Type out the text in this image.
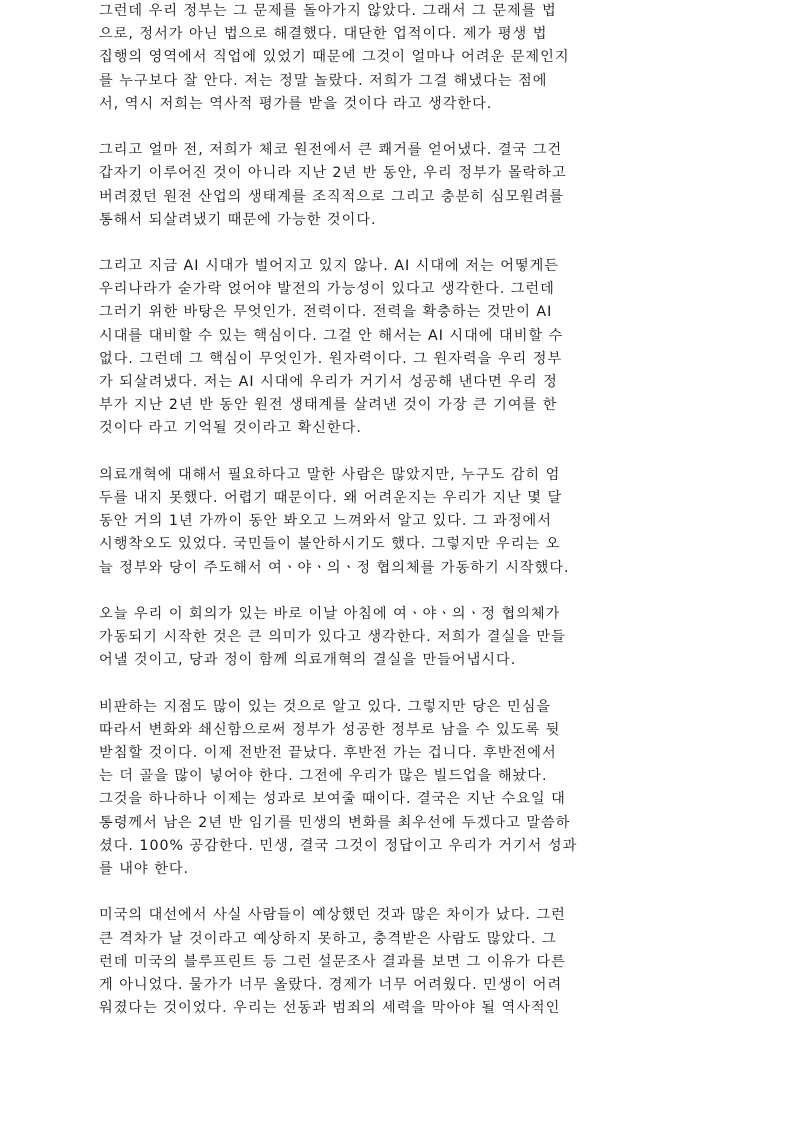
그런데 우리 정부는 그 문제를 돌아가지 않았다. 그래서 그 문제를 법
으로, 정서가 아닌 법으로 해결했다. 대단한 업적이다. 제가 평생 법
집행의 영역에서 직업에 있었기 때문에 그것이 얼마나 어려운 문제인지
를 누구보다 잘 안다. 저는 정말 놀랐다. 저희가 그걸 해냈다는 점에
서, 역시 저희는 역사적 평가를 받을 것이다 라고 생각한다.
그리고 얼마 전, 저희가 체코 원전에서 큰 쾌거를 얻어냈다. 결국 그건
갑자기 이루어진 것이 아니라 지난 2년 반 동안, 우리 정부가 몰락하고
버려졌던 원전 산업의 생태계를 조직적으로 그리고 충분히 심모원려를
통해서 되살려냈기 때문에 가능한 것이다.
그리고 지금 AI 시대가 벌어지고 있지 않나. AI 시대에 저는 어떻게든
우리나라가 숟가락 얹어야 발전의 가능성이 있다고 생각한다. 그런데
그러기 위한 바탕은 무엇인가. 전력이다. 전력을 확충하는 것만이 AI
시대를 대비할 수 있는 핵심이다. 그걸 안 해서는 AI 시대에 대비할 수
없다. 그런데 그 핵심이 무엇인가. 원자력이다. 그 원자력을 우리 정부
가 되살려냈다. 저는 AI 시대에 우리가 거기서 성공해 낸다면 우리 정
부가 지난 2년 반 동안 원전 생태계를 살려낸 것이 가장 큰 기여를 한
것이다 라고 기억될 것이라고 확신한다.
의료개혁에 대해서 필요하다고 말한 사람은 많았지만, 누구도 감히 엄
두를 내지 못했다. 어렵기 때문이다. 왜 어려운지는 우리가 지난 몇 달
동안 거의 1년 가까이 동안 봐오고 느껴와서 알고 있다. 그 과정에서
시행착오도 있었다. 국민들이 불안하시기도 했다. 그렇지만 우리는 오
늘 정부와 당이 주도해서 여ㆍ야ㆍ의ㆍ정 협의체를 가동하기 시작했다.
오늘 우리 이 회의가 있는 바로 이날 아침에 여ㆍ야ㆍ의ㆍ정 협의체가
가동되기 시작한 것은 큰 의미가 있다고 생각한다. 저희가 결실을 만들
어낼 것이고, 당과 정이 함께 의료개혁의 결실을 만들어냅시다.
비판하는 지점도 많이 있는 것으로 알고 있다. 그렇지만 당은 민심을
따라서 변화와 쇄신함으로써 정부가 성공한 정부로 남을 수 있도록 뒷
받침할 것이다. 이제 전반전 끝났다. 후반전 가는 겁니다. 후반전에서
는 더 골을 많이 넣어야 한다. 그전에 우리가 많은 빌드업을 해놨다.
그것을 하나하나 이제는 성과로 보여줄 때이다. 결국은 지난 수요일 대
통령께서 남은 2년 반 임기를 민생의 변화를 최우선에 두겠다고 말씀하
셨다. 100% 공감한다. 민생, 결국 그것이 정답이고 우리가 거기서 성과
를 내야 한다.
미국의 대선에서 사실 사람들이 예상했던 것과 많은 차이가 났다. 그런
큰 격차가 날 것이라고 예상하지 못하고, 충격받은 사람도 많았다. 그
런데 미국의 블루프린트 등 그런 설문조사 결과를 보면 그 이유가 다른
게 아니었다. 물가가 너무 올랐다. 경제가 너무 어려웠다. 민생이 어려
워졌다는 것이었다. 우리는 선동과 범죄의 세력을 막아야 될 역사적인
